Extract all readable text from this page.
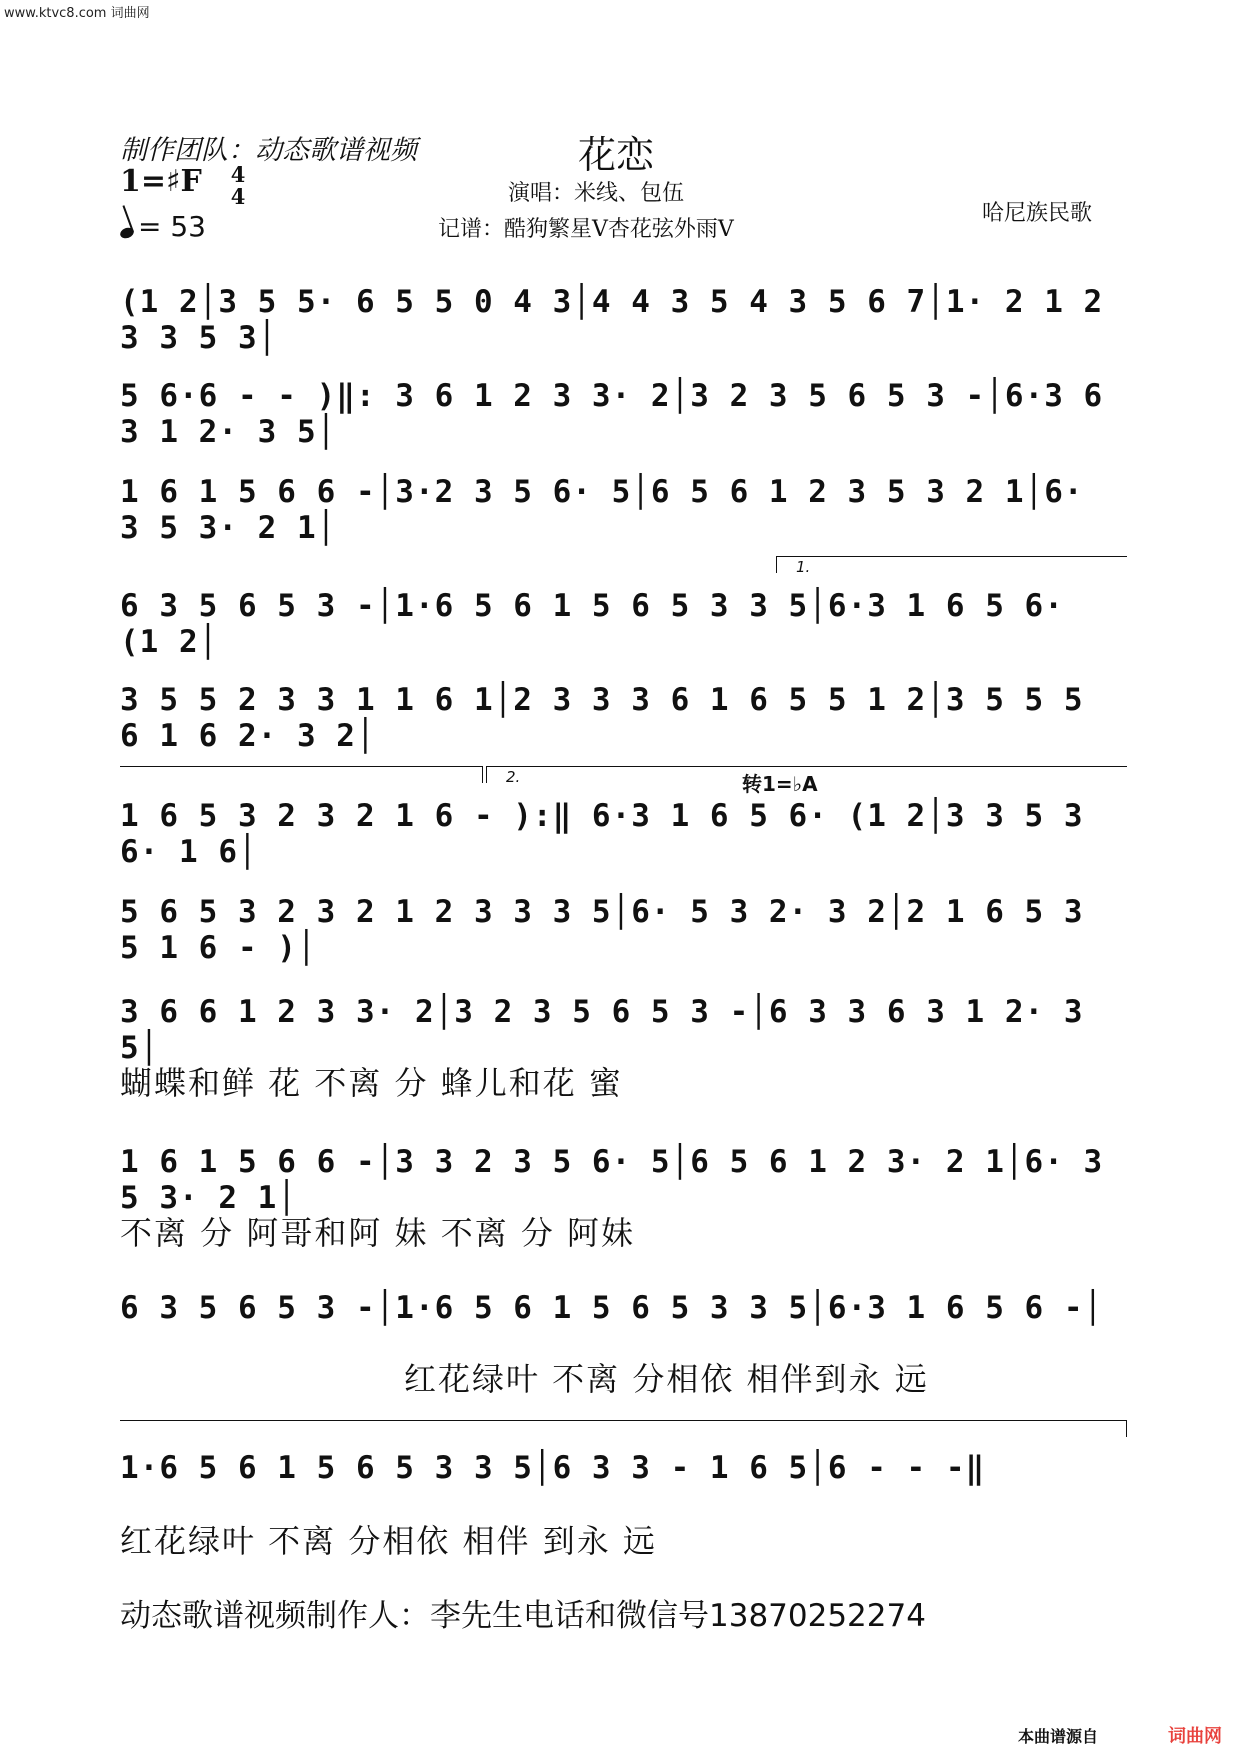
www.ktvc8.com 词曲网
制作团队：动态歌谱视频	花恋
演唱：米线、包伍
记谱：酷狗繁星V杏花弦外雨V
哈尼族民歌
1=♯F 4
4
= 53
(1 2│3 5 5· 6 5 5 0 4 3│4 4 3 5 4 3 5 6 7│1· 2 1 2 3 3 5 3│
5 6·6 - - )‖: 3 6 1 2 3 3· 2│3 2 3 5 6 5 3 -│6·3 6 3 1 2· 3 5│
1 6 1 5 6 6 -│3·2 3 5 6· 5│6 5 6 1 2 3 5 3 2 1│6· 3 5 3· 2 1│
1.
6 3 5 6 5 3 -│1·6 5 6 1 5 6 5 3 3 5│6·3 1 6 5 6· (1 2│
3 5 5 2 3 3 1 1 6 1│2 3 3 3 6 1 6 5 5 1 2│3 5 5 5 6 1 6 2· 3 2│
2.	转1=♭A
1 6 5 3 2 3 2 1 6 - ):‖ 6·3 1 6 5 6· (1 2│3 3 5 3 6· 1 6│
5 6 5 3 2 3 2 1 2 3 3 3 5│6· 5 3 2· 3 2│2 1 6 5 3 5 1 6 - )│
3 6 6 1 2 3 3· 2│3 2 3 5 6 5 3 -│6 3 3 6 3 1 2· 3 5│
蝴蝶和鲜 花 不离 分 蜂儿和花 蜜
1 6 1 5 6 6 -│3 3 2 3 5 6· 5│6 5 6 1 2 3· 2 1│6· 3 5 3· 2 1│
不离 分 阿哥和阿 妹 不离 分 阿妹
6 3 5 6 5 3 -│1·6 5 6 1 5 6 5 3 3 5│6·3 1 6 5 6 -│
红花绿叶 不离 分相依 相伴到永 远
1·6 5 6 1 5 6 5 3 3 5│6 3 3 - 1 6 5│6 - - -‖
红花绿叶 不离 分相依 相伴 到永 远
动态歌谱视频制作人：李先生电话和微信号13870252274
本曲谱源自	词曲网
